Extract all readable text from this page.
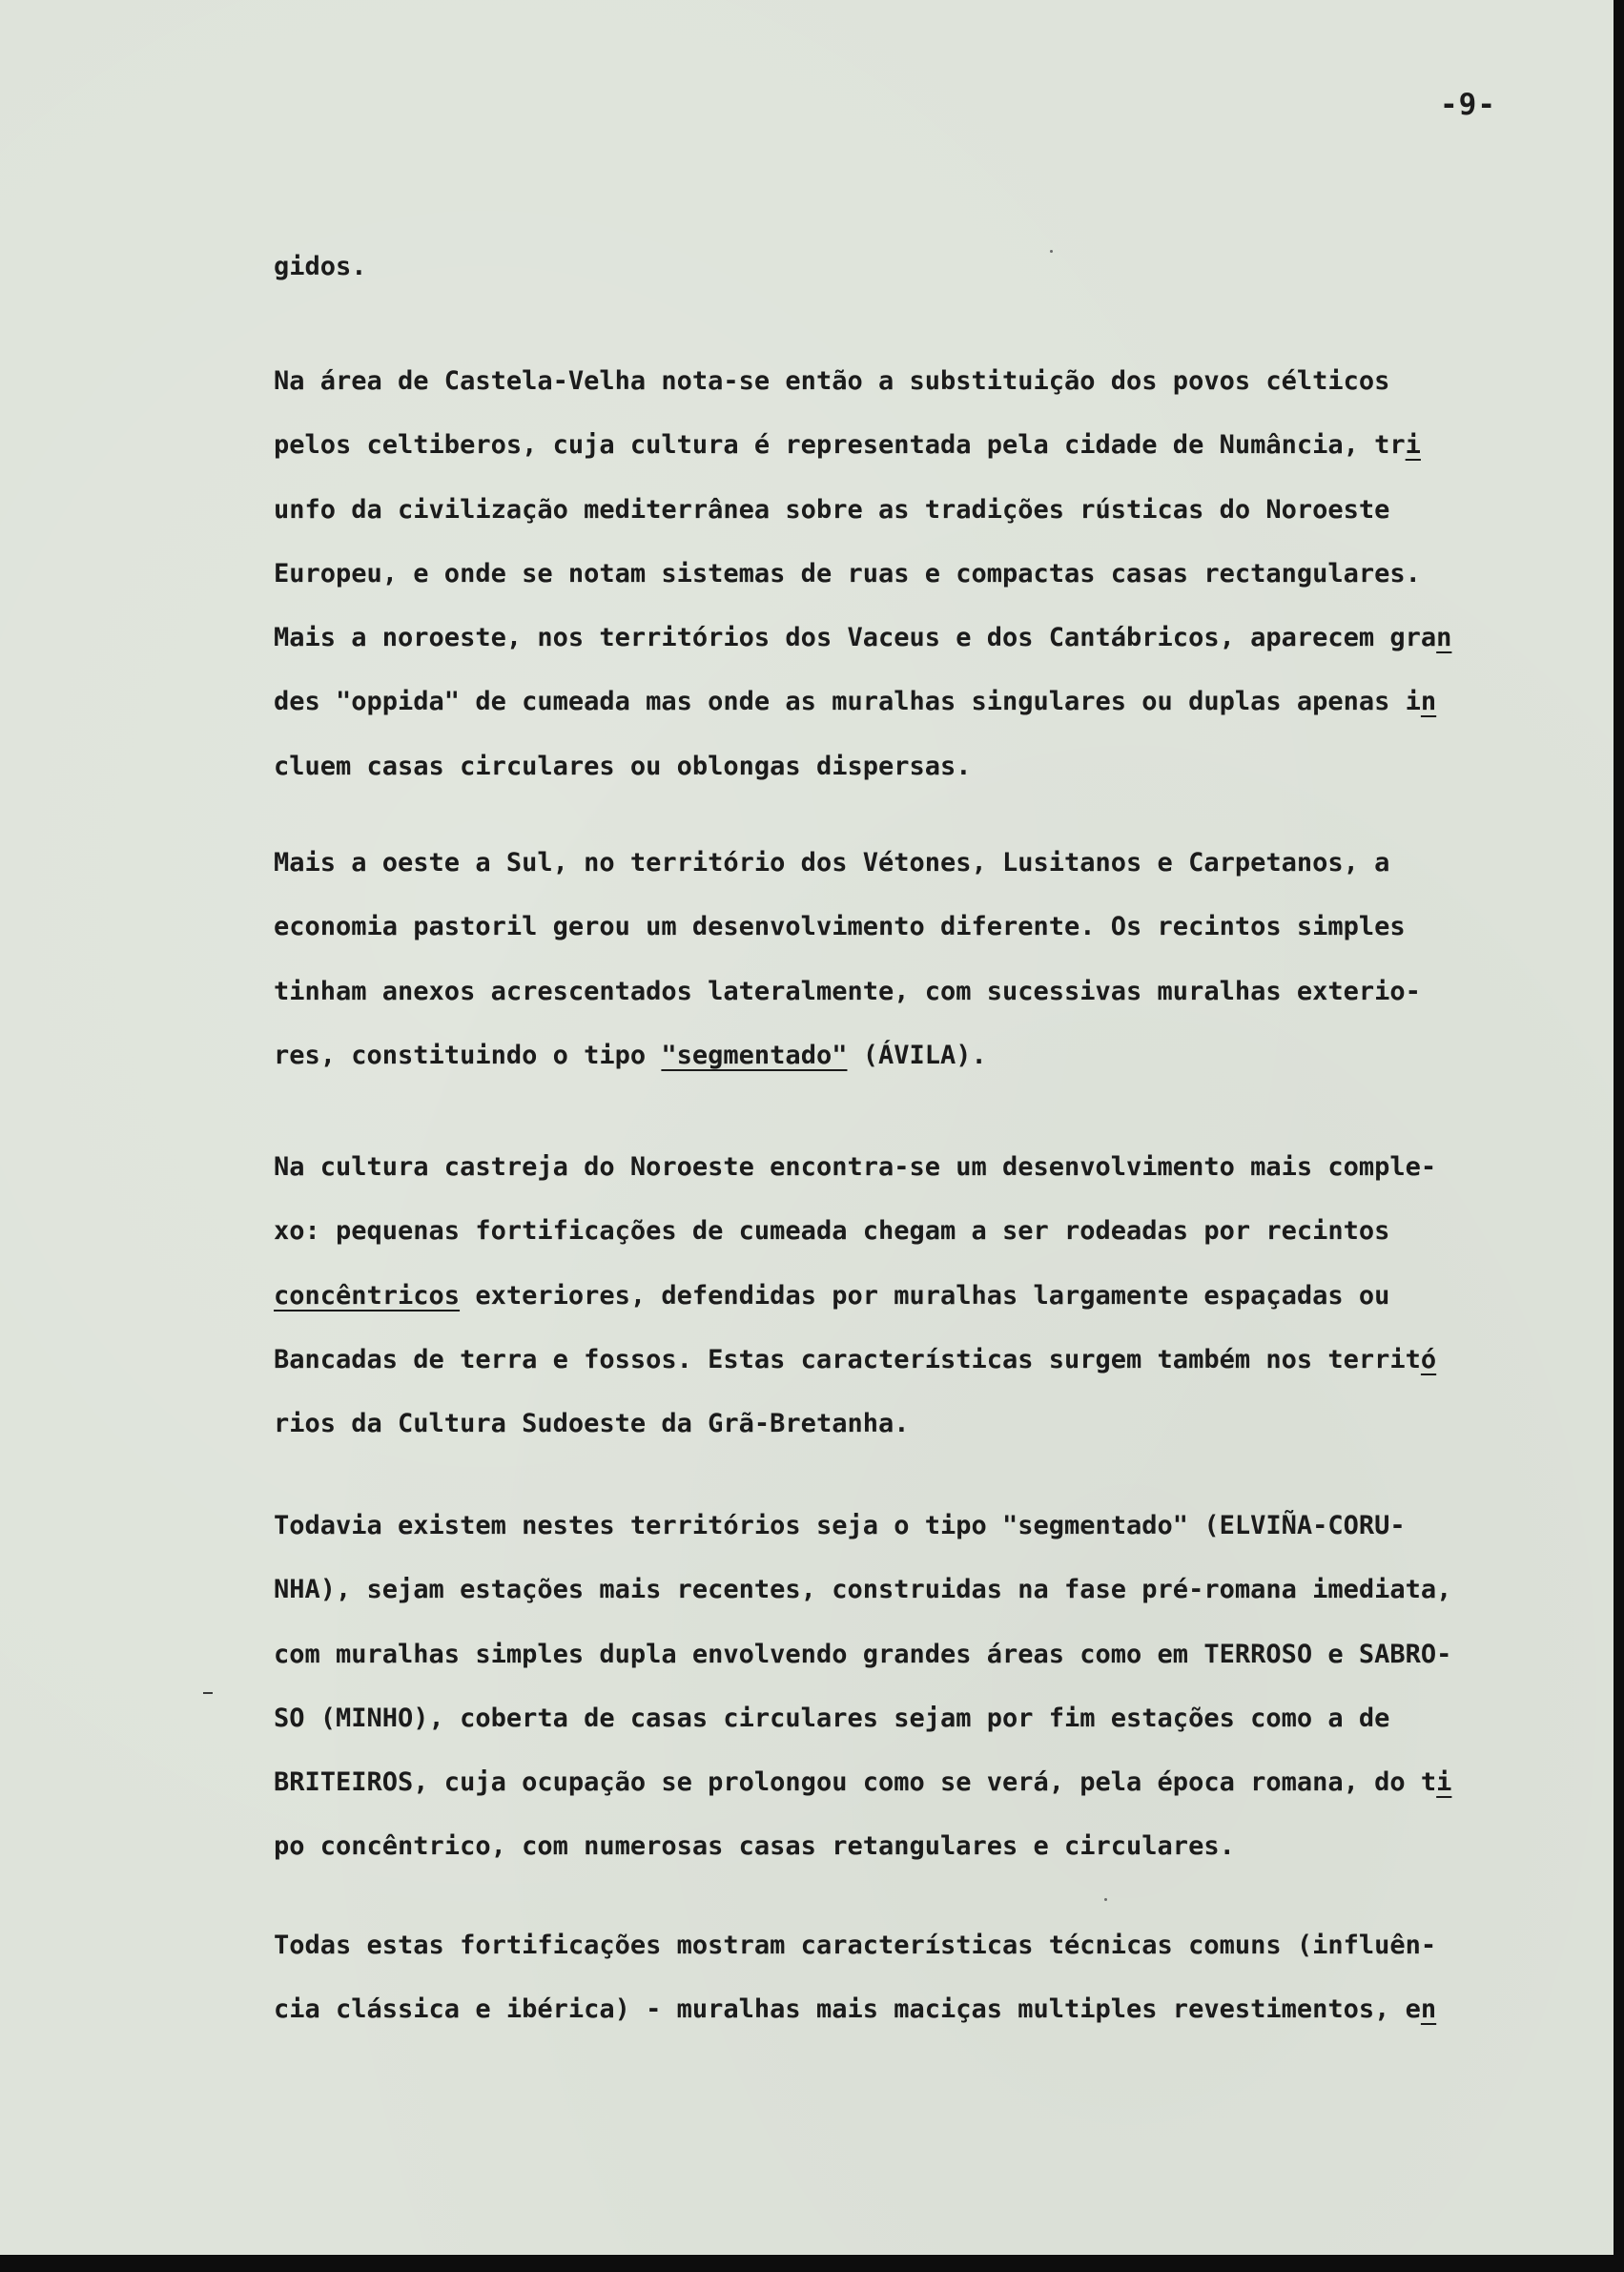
-9-
gidos.
Na área de Castela-Velha nota-se então a substituição dos povos célticos
pelos celtiberos, cuja cultura é representada pela cidade de Numância, tri
unfo da civilização mediterrânea sobre as tradições rústicas do Noroeste
Europeu, e onde se notam sistemas de ruas e compactas casas rectangulares.
Mais a noroeste, nos territórios dos Vaceus e dos Cantábricos, aparecem gran
des "oppida" de cumeada mas onde as muralhas singulares ou duplas apenas in
cluem casas circulares ou oblongas dispersas.
Mais a oeste a Sul, no território dos Vétones, Lusitanos e Carpetanos, a
economia pastoril gerou um desenvolvimento diferente. Os recintos simples
tinham anexos acrescentados lateralmente, com sucessivas muralhas exterio-
res, constituindo o tipo "segmentado" (ÁVILA).
Na cultura castreja do Noroeste encontra-se um desenvolvimento mais comple-
xo: pequenas fortificações de cumeada chegam a ser rodeadas por recintos
concêntricos exteriores, defendidas por muralhas largamente espaçadas ou
Bancadas de terra e fossos. Estas características surgem também nos territó
rios da Cultura Sudoeste da Grã-Bretanha.
Todavia existem nestes territórios seja o tipo "segmentado" (ELVIÑA-CORU-
NHA), sejam estações mais recentes, construidas na fase pré-romana imediata,
com muralhas simples dupla envolvendo grandes áreas como em TERROSO e SABRO-
SO (MINHO), coberta de casas circulares sejam por fim estações como a de
BRITEIROS, cuja ocupação se prolongou como se verá, pela época romana, do ti
po concêntrico, com numerosas casas retangulares e circulares.
Todas estas fortificações mostram características técnicas comuns (influên-
cia clássica e ibérica) - muralhas mais maciças multiples revestimentos, en
